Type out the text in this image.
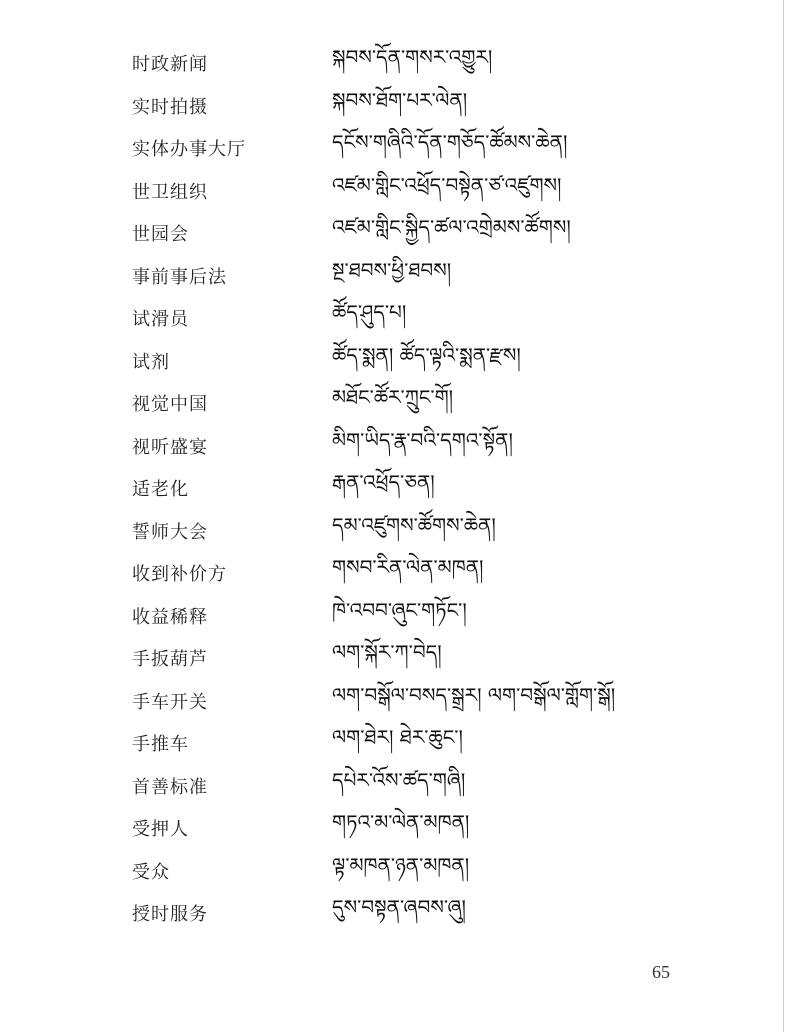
时政新闻	སྐབས་དོན་གསར་འགྱུར།
实时拍摄	སྐབས་ཐོག་པར་ལེན།
实体办事大厅	དངོས་གཞིའི་དོན་གཅོད་ཚོམས་ཆེན།
世卫组织	འཛམ་གླིང་འཕྲོད་བསྟེན་ཙ་འཛུགས།
世园会	འཛམ་གླིང་སྐྱིད་ཚལ་འགྲེམས་ཚོགས།
事前事后法	སྔ་ཐབས་ཕྱི་ཐབས།
试滑员	ཚོད་ཤུད་པ།
试剂	ཚོད་སྨན། ཚོད་ལྟའི་སྨན་རྫས།
视觉中国	མཐོང་ཚོར་ཀྲུང་གོ།
视听盛宴	མིག་ཡིད་རྣ་བའི་དགའ་སྟོན།
适老化	རྒན་འཕྲོད་ཅན།
誓师大会	དམ་འཛུགས་ཚོགས་ཆེན།
收到补价方	གསབ་རིན་ལེན་མཁན།
收益稀释	ཁེ་འབབ་ཞུང་གཏོང་།
手扳葫芦	ལག་སྐོར་ཀ་བེད།
手车开关	ལག་བསྒོལ་བསད་སྒྲར། ལག་བསྒོལ་གློག་སྒོ།
手推车	ལག་ཐེར། ཐེར་ཆུང་།
首善标准	དཔེར་འོས་ཚད་གཞི།
受押人	གཏའ་མ་ལེན་མཁན།
受众	ལྟ་མཁན་ཉན་མཁན།
授时服务	དུས་བསྟན་ཞབས་ཞུ།
65
